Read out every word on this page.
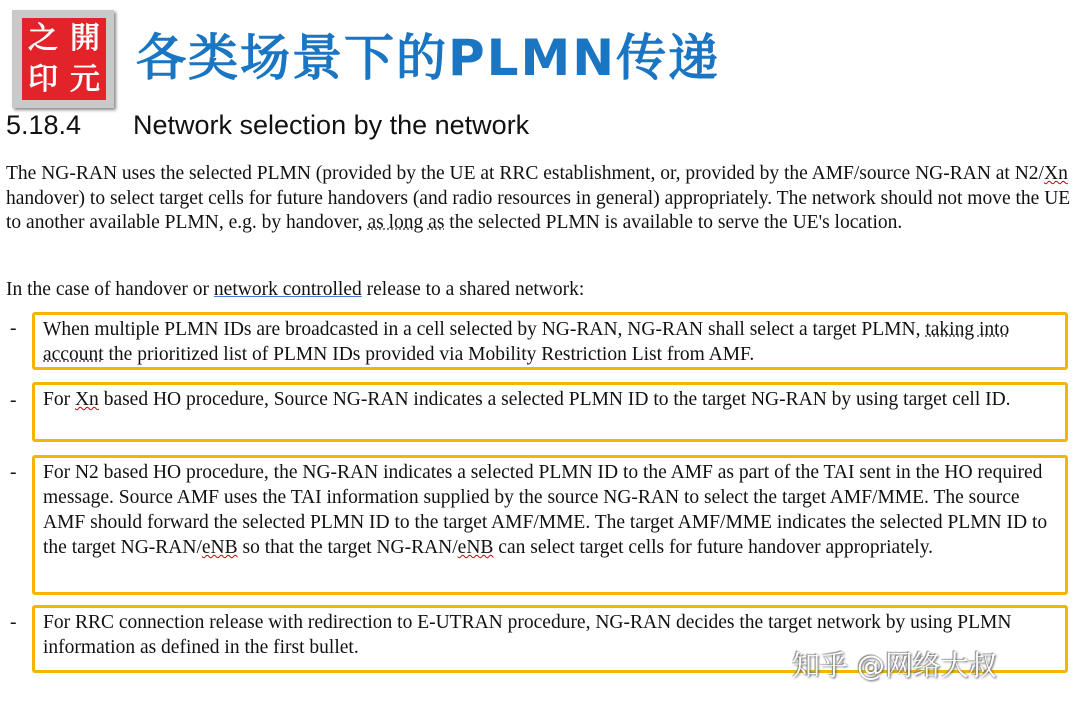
之 開
印 元 各类场景下的PLMN传递
5.18.4 Network selection by the network

The NG-RAN uses the selected PLMN (provided by the UE at RRC establishment, or, provided by the AMF/source NG-RAN at N2/Xn handover) to select target cells for future handovers (and radio resources in general) appropriately. The network should not move the UE to another available PLMN, e.g. by handover, as long as the selected PLMN is available to serve the UE's location.

In the case of handover or network controlled release to a shared network:

-	When multiple PLMN IDs are broadcasted in a cell selected by NG-RAN, NG-RAN shall select a target PLMN, taking into account the prioritized list of PLMN IDs provided via Mobility Restriction List from AMF.
-	For Xn based HO procedure, Source NG-RAN indicates a selected PLMN ID to the target NG-RAN by using target cell ID.
-	For N2 based HO procedure, the NG-RAN indicates a selected PLMN ID to the AMF as part of the TAI sent in the HO required message. Source AMF uses the TAI information supplied by the source NG-RAN to select the target AMF/MME. The source AMF should forward the selected PLMN ID to the target AMF/MME. The target AMF/MME indicates the selected PLMN ID to the target NG-RAN/eNB so that the target NG-RAN/eNB can select target cells for future handover appropriately.
-	For RRC connection release with redirection to E-UTRAN procedure, NG-RAN decides the target network by using PLMN information as defined in the first bullet.
知乎 @网络大叔
